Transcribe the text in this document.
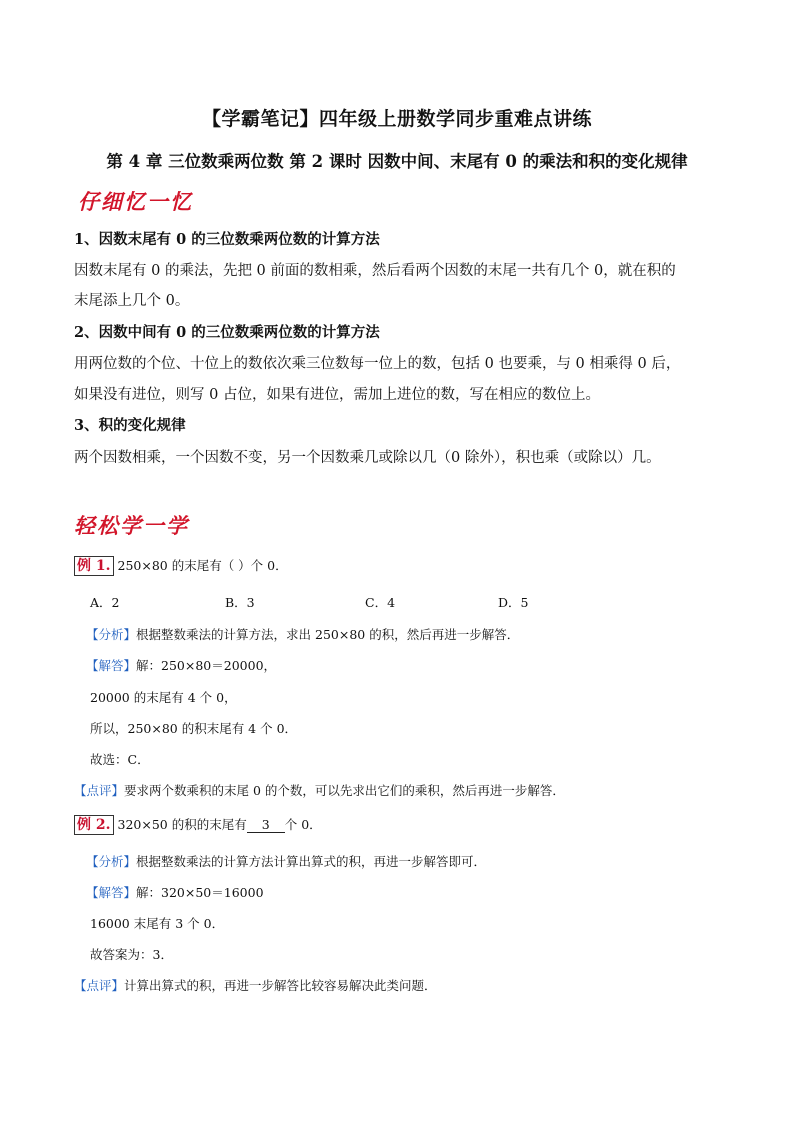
【学霸笔记】四年级上册数学同步重难点讲练
第 4 章 三位数乘两位数 第 2 课时 因数中间、末尾有 0 的乘法和积的变化规律
仔细忆一忆
1、因数末尾有 0 的三位数乘两位数的计算方法
因数末尾有 0 的乘法，先把 0 前面的数相乘，然后看两个因数的末尾一共有几个 0，就在积的
末尾添上几个 0。
2、因数中间有 0 的三位数乘两位数的计算方法
用两位数的个位、十位上的数依次乘三位数每一位上的数，包括 0 也要乘，与 0 相乘得 0 后，
如果没有进位，则写 0 占位，如果有进位，需加上进位的数，写在相应的数位上。
3、积的变化规律
两个因数相乘，一个因数不变，另一个因数乘几或除以几（0 除外），积也乘（或除以）几。
轻松学一学
例 1. 250×80 的末尾有（ ）个 0．
A．2	B．3	C．4	D．5
【分析】根据整数乘法的计算方法，求出 250×80 的积，然后再进一步解答．
【解答】解：250×80＝20000，
20000 的末尾有 4 个 0，
所以，250×80 的积末尾有 4 个 0．
故选：C．
【点评】要求两个数乘积的末尾 0 的个数，可以先求出它们的乘积，然后再进一步解答．
例 2. 320×50 的积的末尾有 3 个 0．
【分析】根据整数乘法的计算方法计算出算式的积，再进一步解答即可．
【解答】解：320×50＝16000
16000 末尾有 3 个 0．
故答案为：3．
【点评】计算出算式的积，再进一步解答比较容易解决此类问题．
